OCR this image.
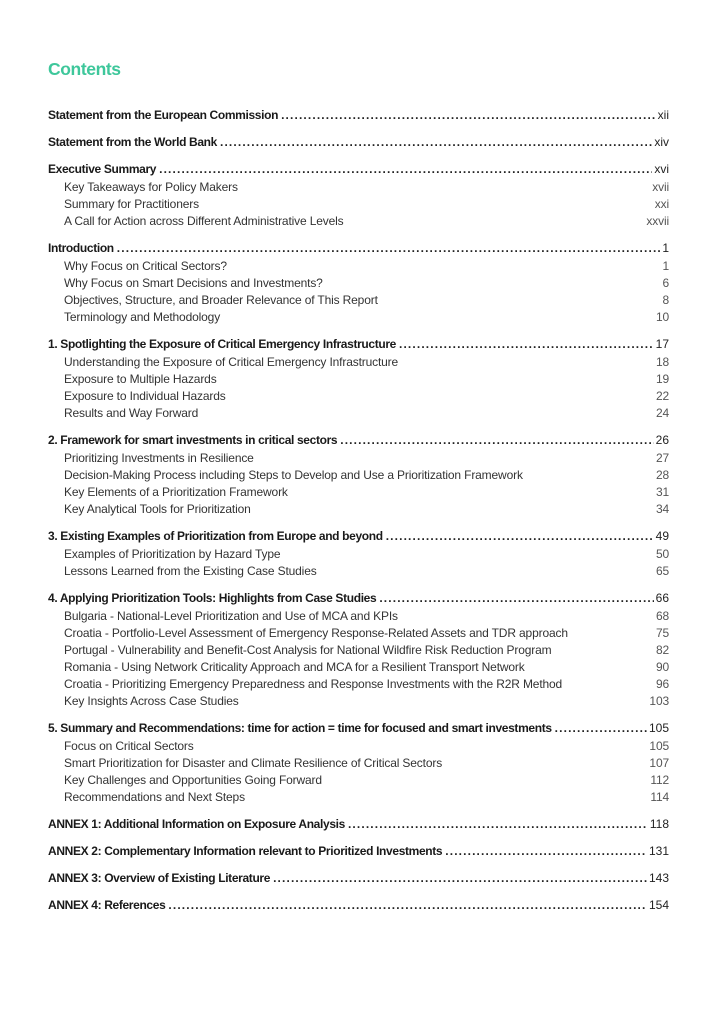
Contents
Statement from the European Commission . . .	xii
Statement from the World Bank . . .	xiv
Executive Summary . . .	xvi
Key Takeaways for Policy Makers	xvii
Summary for Practitioners	xxi
A Call for Action across Different Administrative Levels	xxvii
Introduction . . .	1
Why Focus on Critical Sectors?	1
Why Focus on Smart Decisions and Investments?	6
Objectives, Structure, and Broader Relevance of This Report	8
Terminology and Methodology	10
1. Spotlighting the Exposure of Critical Emergency Infrastructure . . .	17
Understanding the Exposure of Critical Emergency Infrastructure	18
Exposure to Multiple Hazards	19
Exposure to Individual Hazards	22
Results and Way Forward	24
2. Framework for smart investments in critical sectors . . .	26
Prioritizing Investments in Resilience	27
Decision-Making Process including Steps to Develop and Use a Prioritization Framework	28
Key Elements of a Prioritization Framework	31
Key Analytical Tools for Prioritization	34
3. Existing Examples of Prioritization from Europe and beyond . . .	49
Examples of Prioritization by Hazard Type	50
Lessons Learned from the Existing Case Studies	65
4. Applying Prioritization Tools: Highlights from Case Studies . . .	66
Bulgaria - National-Level Prioritization and Use of MCA and KPIs	68
Croatia - Portfolio-Level Assessment of Emergency Response-Related Assets and TDR approach	75
Portugal - Vulnerability and Benefit-Cost Analysis for National Wildfire Risk Reduction Program	82
Romania - Using Network Criticality Approach and MCA for a Resilient Transport Network	90
Croatia - Prioritizing Emergency Preparedness and Response Investments with the R2R Method	96
Key Insights Across Case Studies	103
5. Summary and Recommendations: time for action = time for focused and smart investments . . .	105
Focus on Critical Sectors	105
Smart Prioritization for Disaster and Climate Resilience of Critical Sectors	107
Key Challenges and Opportunities Going Forward	112
Recommendations and Next Steps	114
ANNEX 1: Additional Information on Exposure Analysis . . .	118
ANNEX 2: Complementary Information relevant to Prioritized Investments . . .	131
ANNEX 3: Overview of Existing Literature . . .	143
ANNEX 4: References . . .	154
